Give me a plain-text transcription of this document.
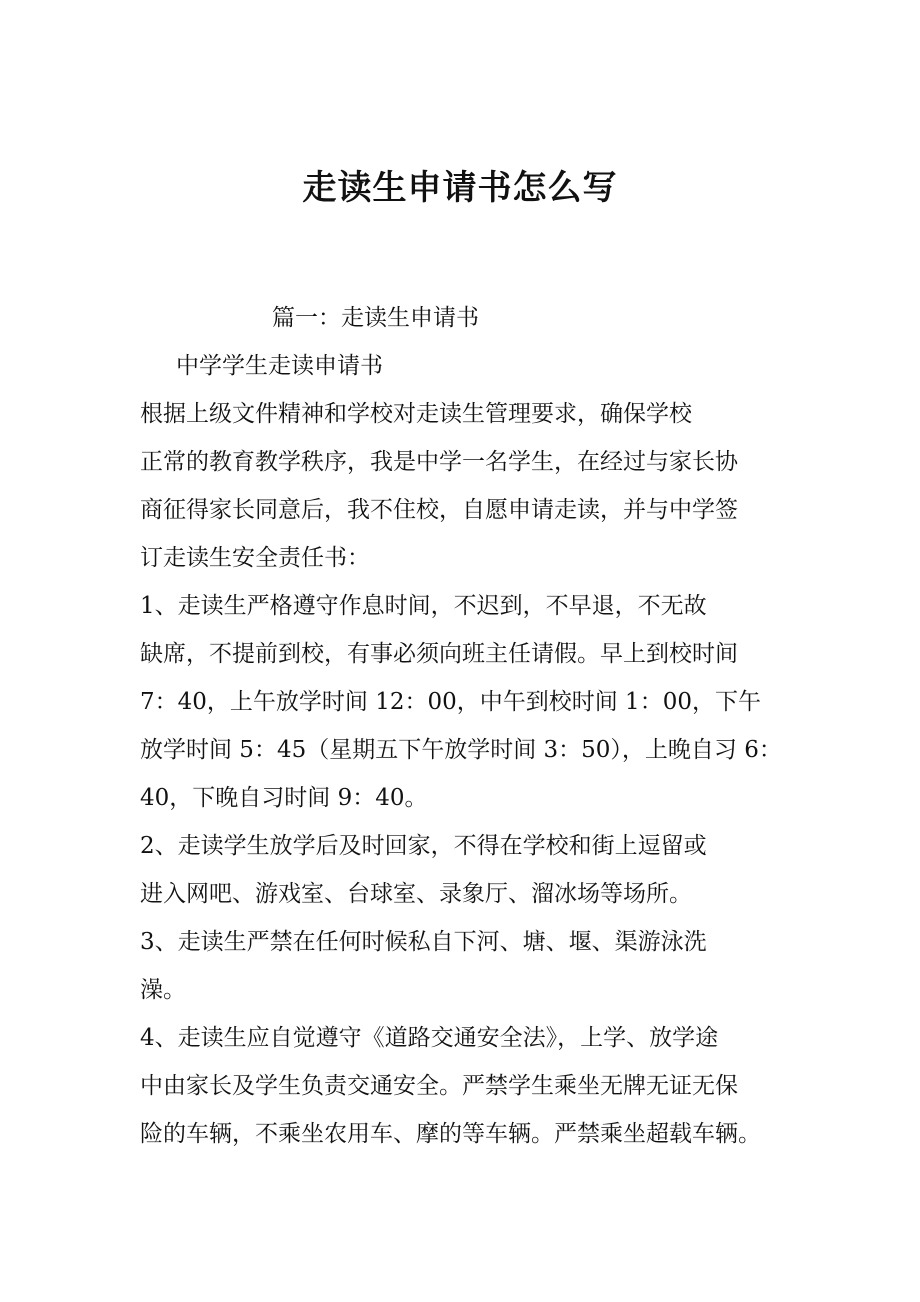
走读生申请书怎么写
篇一：走读生申请书
中学学生走读申请书
根据上级文件精神和学校对走读生管理要求，确保学校
正常的教育教学秩序，我是中学一名学生，在经过与家长协
商征得家长同意后，我不住校，自愿申请走读，并与中学签
订走读生安全责任书：
1、走读生严格遵守作息时间，不迟到，不早退，不无故
缺席，不提前到校，有事必须向班主任请假。早上到校时间
7：40，上午放学时间 12：00，中午到校时间 1：00，下午
放学时间 5：45（星期五下午放学时间 3：50），上晚自习 6：
40，下晚自习时间 9：40。
2、走读学生放学后及时回家，不得在学校和街上逗留或
进入网吧、游戏室、台球室、录象厅、溜冰场等场所。
3、走读生严禁在任何时候私自下河、塘、堰、渠游泳洗
澡。
4、走读生应自觉遵守《道路交通安全法》，上学、放学途
中由家长及学生负责交通安全。严禁学生乘坐无牌无证无保
险的车辆，不乘坐农用车、摩的等车辆。严禁乘坐超载车辆。
